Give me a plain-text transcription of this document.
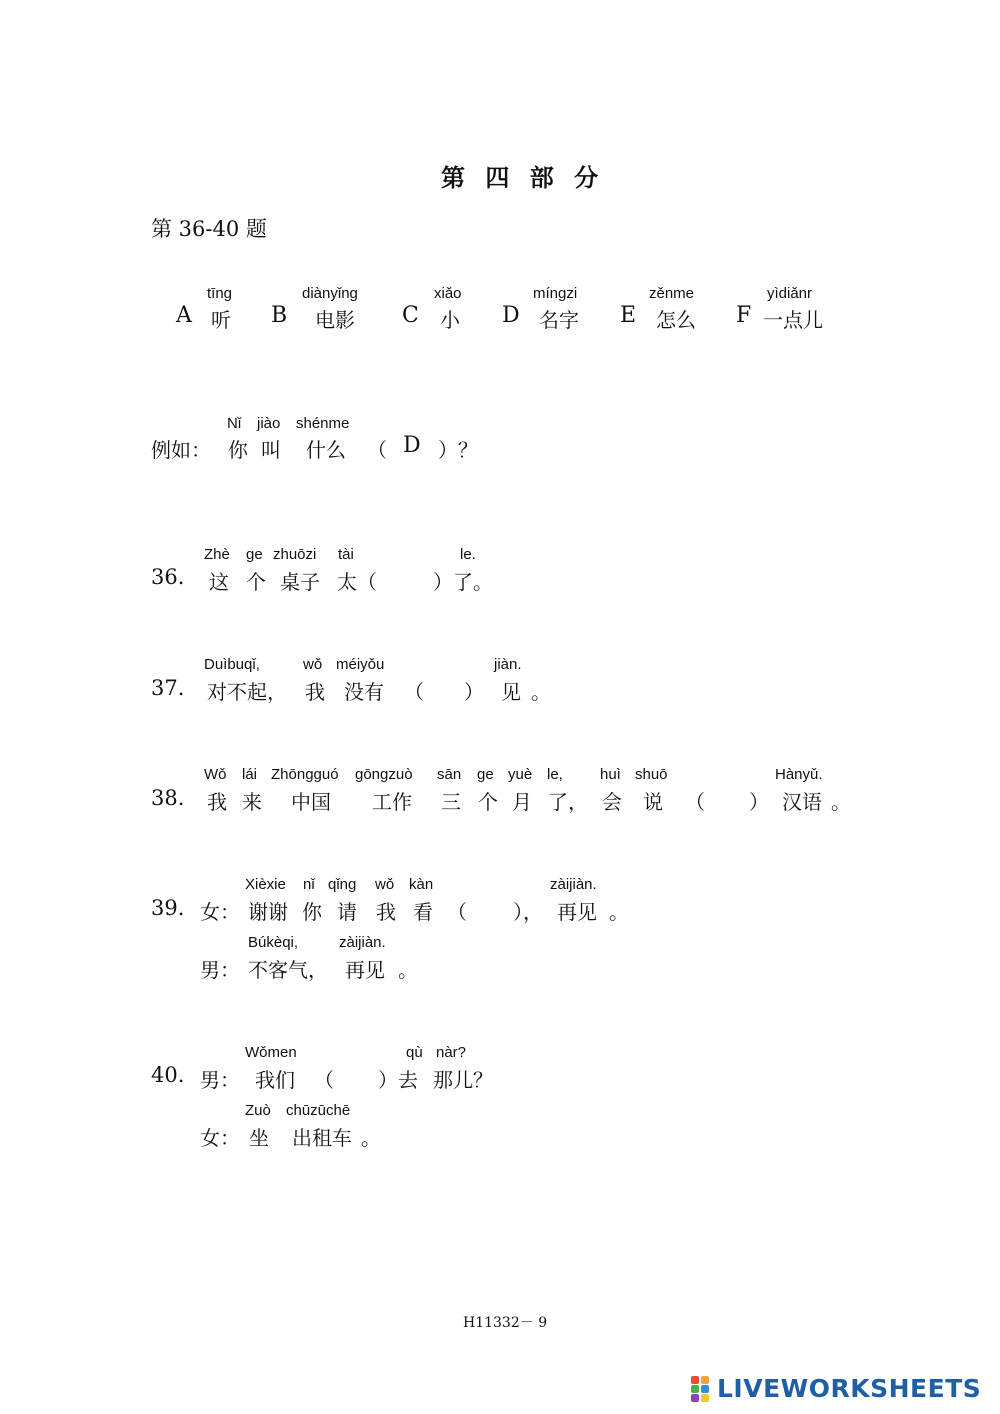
第 四 部 分
第 36-40 题
tīng
A 听
diànyǐng
B 电影
xiǎo
C 小
míngzi
D 名字
zěnme
E 怎么
yìdiǎnr
F 一点儿
Nǐ jiào shénme
例如： 你 叫 什么 （ D ）？
Zhè ge zhuōzi tài	le.
36. 这 个 桌子 太（	）了。
Duìbuqǐ,	wǒ méiyǒu	jiàn.
37. 对不起， 我 没有 （ ） 见 。
Wǒ lái Zhōngguó gōngzuò sān ge yuè le, huì shuō	Hànyǔ.
38. 我 来 中国 工作 三 个 月 了， 会 说 （ ） 汉语 。
Xièxie nǐ qǐng wǒ kàn	zàijiàn.
39. 女： 谢谢 你 请 我 看 （ ）， 再见 。
Búkèqi,	zàijiàn.
男： 不客气， 再见 。
Wǒmen	qù nàr?
40. 男： 我们 （ ）去 那儿？
Zuò chūzūchē
女： 坐 出租车 。
H11332－ 9
LIVEWORKSHEETS
